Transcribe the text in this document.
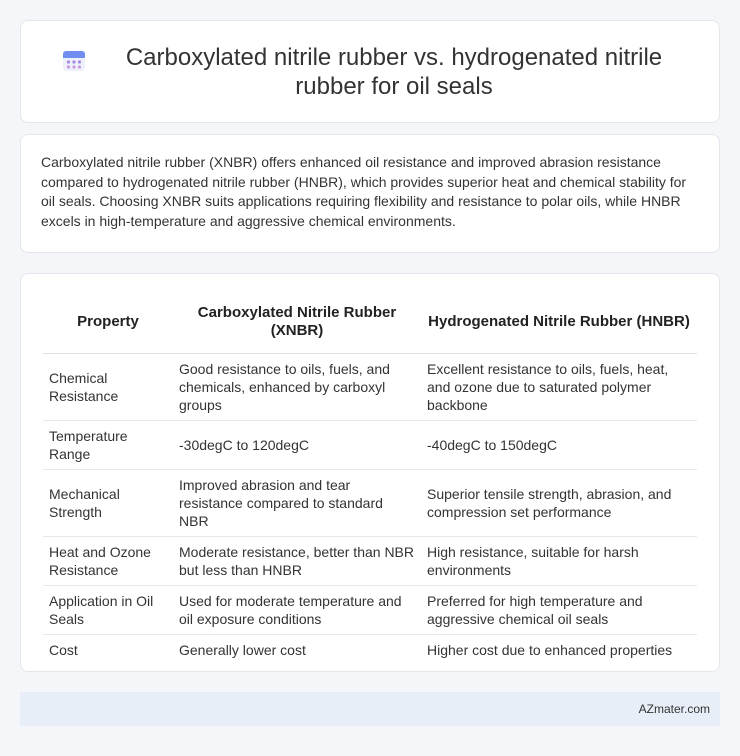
Carboxylated nitrile rubber vs. hydrogenated nitrile rubber for oil seals

Carboxylated nitrile rubber (XNBR) offers enhanced oil resistance and improved abrasion resistance compared to hydrogenated nitrile rubber (HNBR), which provides superior heat and chemical stability for oil seals. Choosing XNBR suits applications requiring flexibility and resistance to polar oils, while HNBR excels in high-temperature and aggressive chemical environments.

Property	Carboxylated Nitrile Rubber (XNBR)	Hydrogenated Nitrile Rubber (HNBR)
Chemical Resistance	Good resistance to oils, fuels, and chemicals, enhanced by carboxyl groups	Excellent resistance to oils, fuels, heat, and ozone due to saturated polymer backbone
Temperature Range	-30degC to 120degC	-40degC to 150degC
Mechanical Strength	Improved abrasion and tear resistance compared to standard NBR	Superior tensile strength, abrasion, and compression set performance
Heat and Ozone Resistance	Moderate resistance, better than NBR but less than HNBR	High resistance, suitable for harsh environments
Application in Oil Seals	Used for moderate temperature and oil exposure conditions	Preferred for high temperature and aggressive chemical oil seals
Cost	Generally lower cost	Higher cost due to enhanced properties
AZmater.com
